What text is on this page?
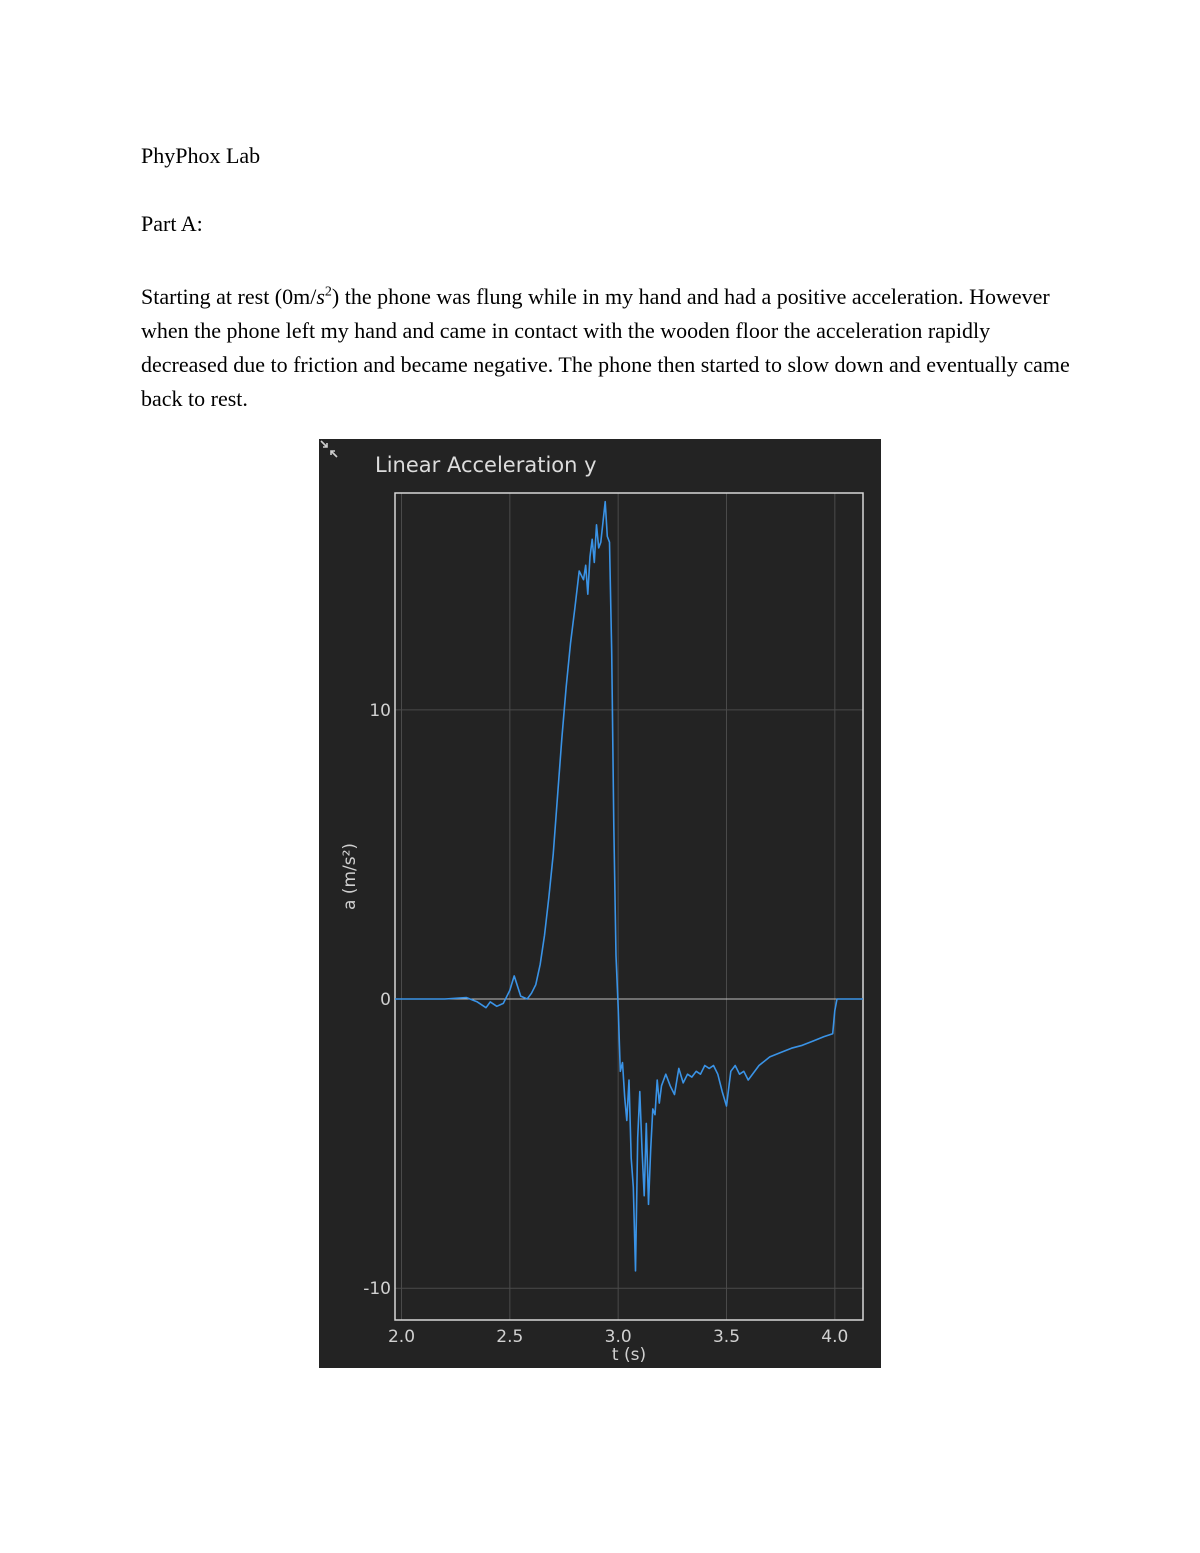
PhyPhox Lab
Part A:
Starting at rest $(0m/s^2)$ the phone was flung while in my hand and had a positive acceleration. However when the phone left my hand and came in contact with the wooden floor the acceleration rapidly decreased due to friction and became negative. The phone then started to slow down and eventually came back to rest.
2.0	2.5	3.0	3.5	4.0
-10
0
10
t (s)
a (m/s²)
Linear Acceleration y
